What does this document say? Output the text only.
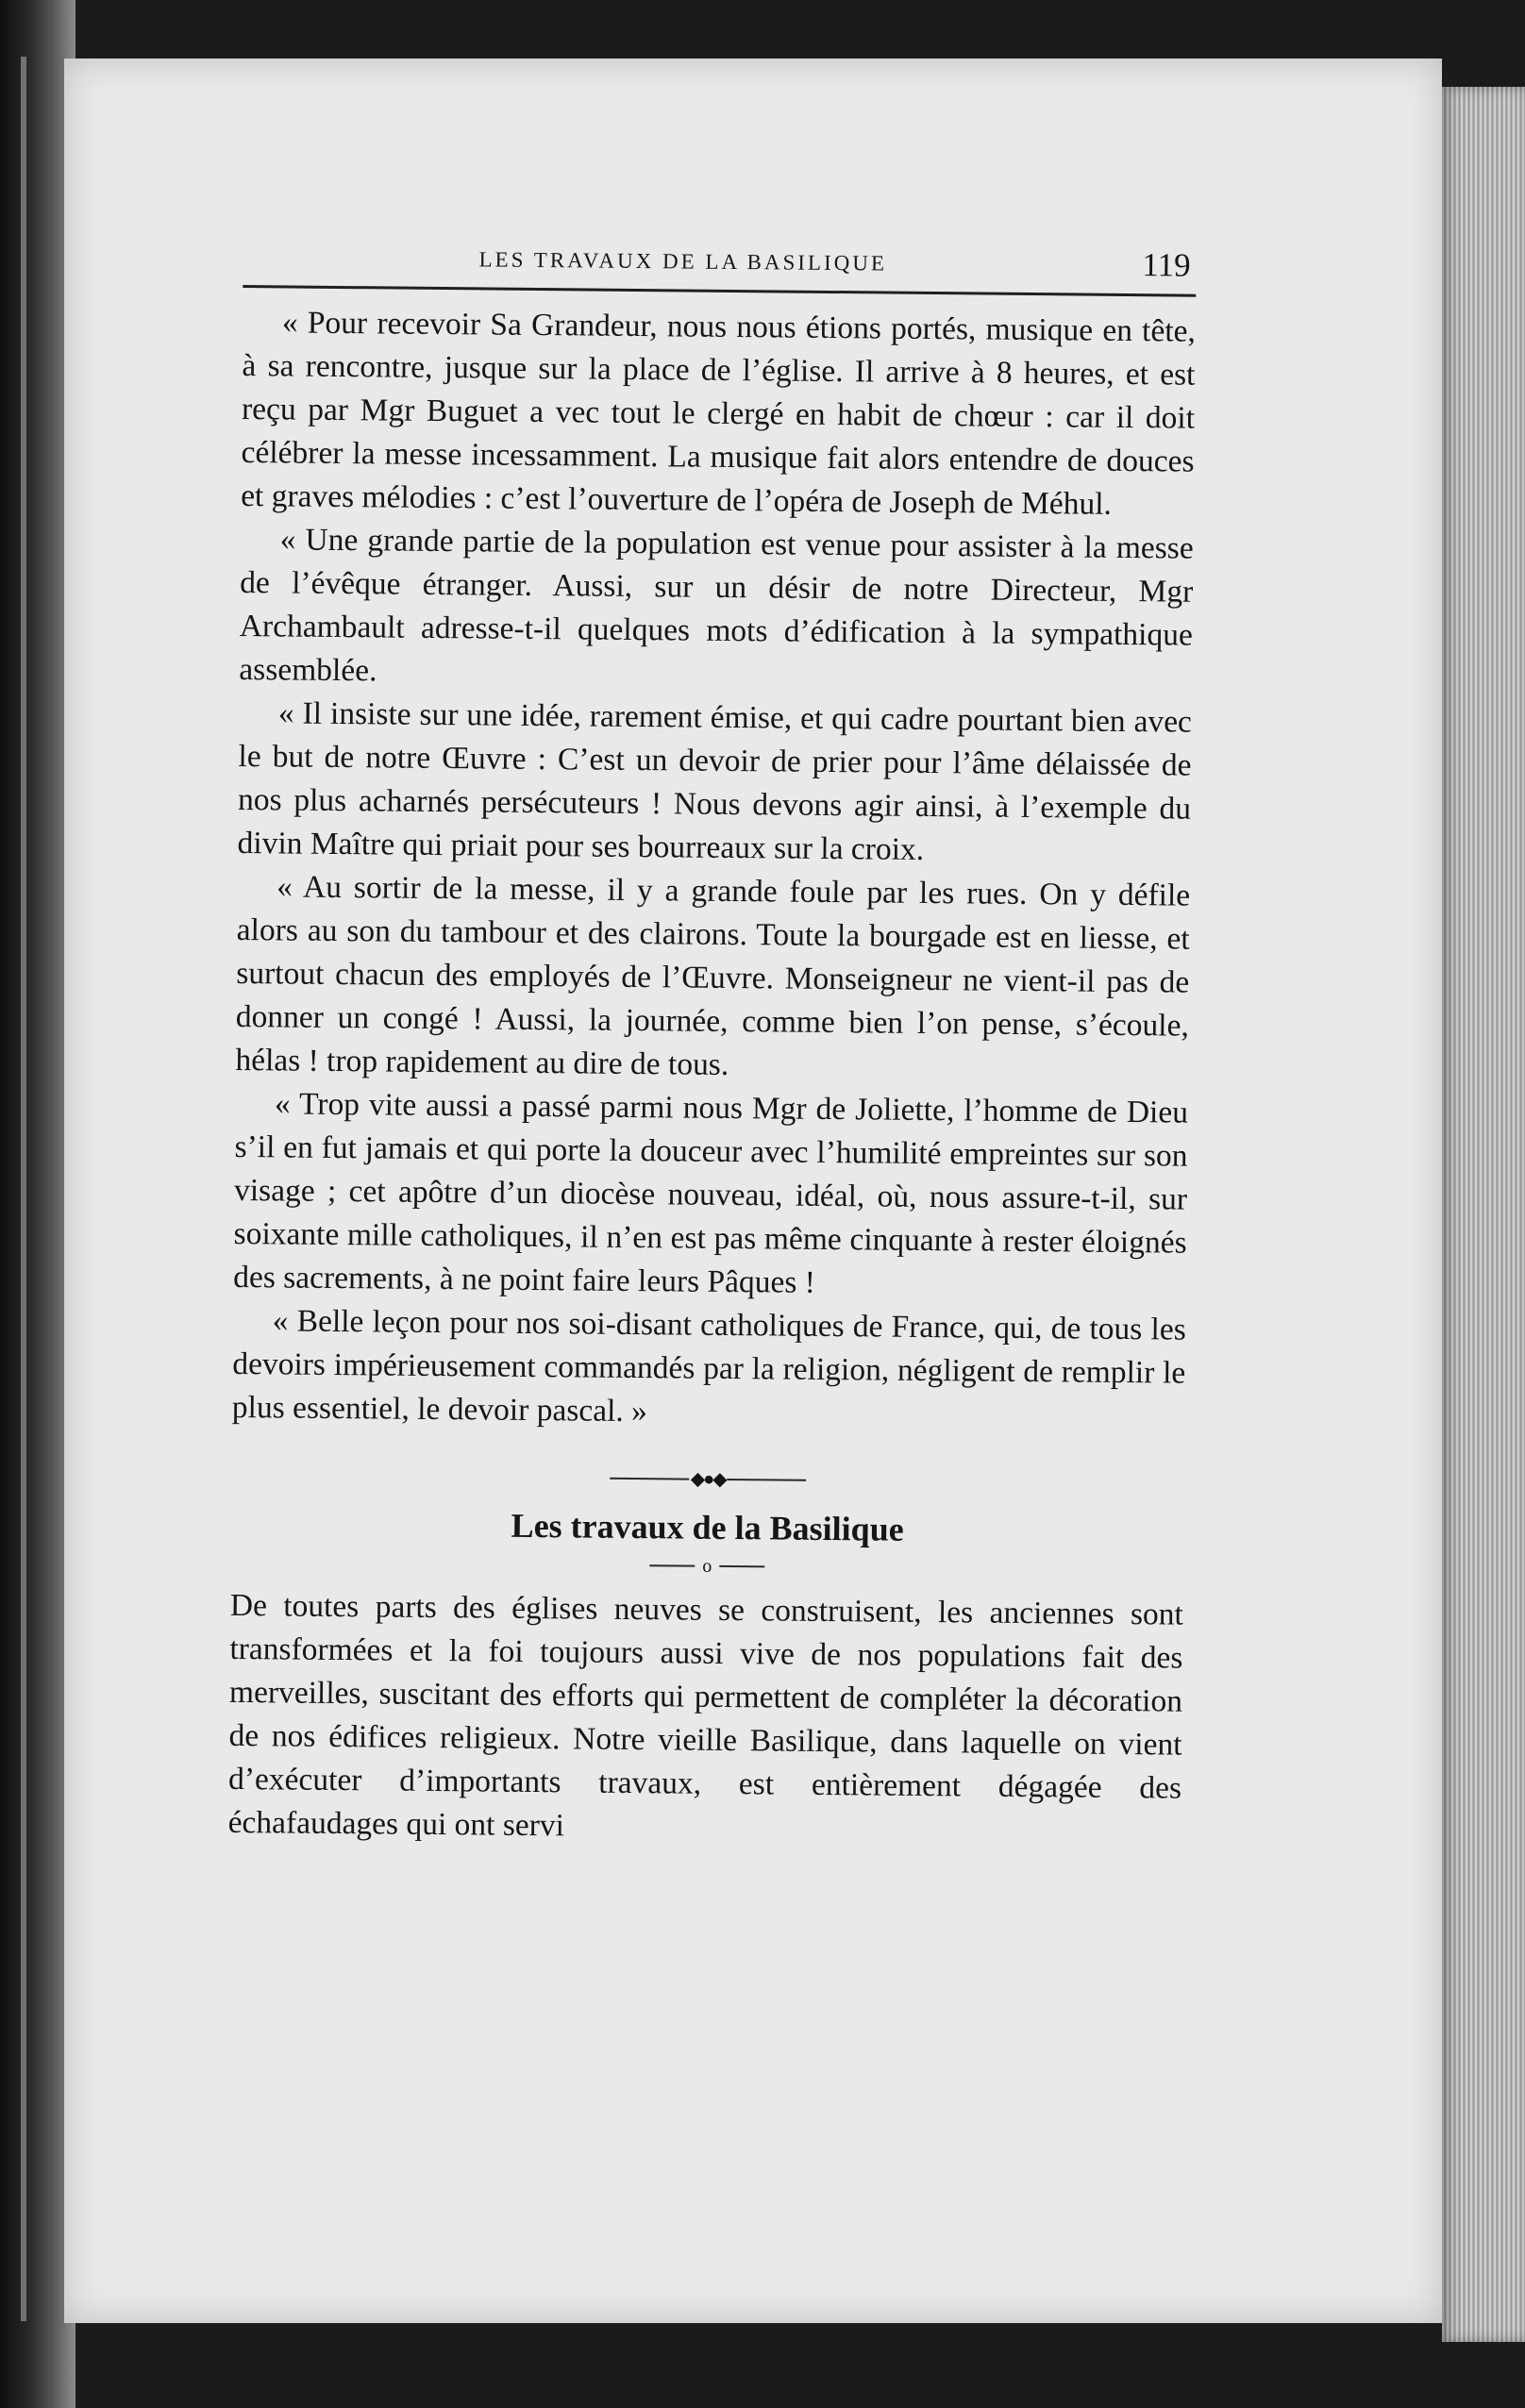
LES TRAVAUX DE LA BASILIQUE	119

« Pour recevoir Sa Grandeur, nous nous étions portés, musique en tête, à sa rencontre, jusque sur la place de l’église. Il arrive à 8 heures, et est reçu par Mgr Buguet a vec tout le clergé en habit de chœur : car il doit célébrer la messe incessamment. La musique fait alors entendre de douces et graves mélodies : c’est l’ouverture de l’opéra de Joseph de Méhul.

« Une grande partie de la population est venue pour assister à la messe de l’évêque étranger. Aussi, sur un désir de notre Directeur, Mgr Archambault adresse-t-il quelques mots d’édification à la sympathique assemblée.

« Il insiste sur une idée, rarement émise, et qui cadre pourtant bien avec le but de notre Œuvre : C’est un devoir de prier pour l’âme délaissée de nos plus acharnés persécuteurs ! Nous devons agir ainsi, à l’exemple du divin Maître qui priait pour ses bourreaux sur la croix.

« Au sortir de la messe, il y a grande foule par les rues. On y défile alors au son du tambour et des clairons. Toute la bourgade est en liesse, et surtout chacun des employés de l’Œuvre. Monseigneur ne vient-il pas de donner un congé ! Aussi, la journée, comme bien l’on pense, s’écoule, hélas ! trop rapidement au dire de tous.

« Trop vite aussi a passé parmi nous Mgr de Joliette, l’homme de Dieu s’il en fut jamais et qui porte la douceur avec l’humilité empreintes sur son visage ; cet apôtre d’un diocèse nouveau, idéal, où, nous assure-t-il, sur soixante mille catholiques, il n’en est pas même cinquante à rester éloignés des sacrements, à ne point faire leurs Pâques !

« Belle leçon pour nos soi-disant catholiques de France, qui, de tous les devoirs impérieusement commandés par la religion, négligent de remplir le plus essentiel, le devoir pascal. »

◆●◆
Les travaux de la Basilique
o

De toutes parts des églises neuves se construisent, les anciennes sont transformées et la foi toujours aussi vive de nos populations fait des merveilles, suscitant des efforts qui permettent de compléter la décoration de nos édifices religieux. Notre vieille Basilique, dans laquelle on vient d’exécuter d’importants travaux, est entièrement dégagée des échafaudages qui ont servi
